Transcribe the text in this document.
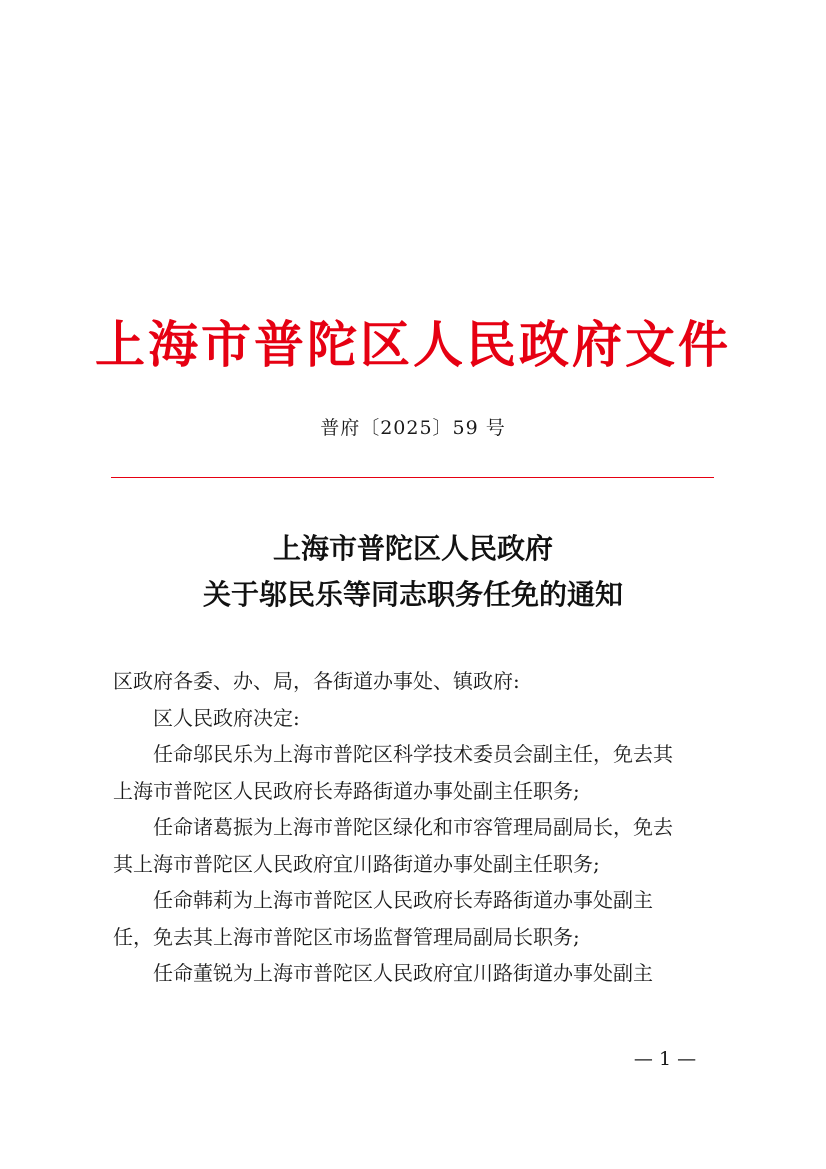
上海市普陀区人民政府文件
普府〔2025〕59 号
上海市普陀区人民政府
关于邬民乐等同志职务任免的通知

区政府各委、办、局，各街道办事处、镇政府:

区人民政府决定:

任命邬民乐为上海市普陀区科学技术委员会副主任，免去其

上海市普陀区人民政府长寿路街道办事处副主任职务;

任命诸葛振为上海市普陀区绿化和市容管理局副局长，免去

其上海市普陀区人民政府宜川路街道办事处副主任职务;

任命韩莉为上海市普陀区人民政府长寿路街道办事处副主

任，免去其上海市普陀区市场监督管理局副局长职务;

任命董锐为上海市普陀区人民政府宜川路街道办事处副主

— 1 —
